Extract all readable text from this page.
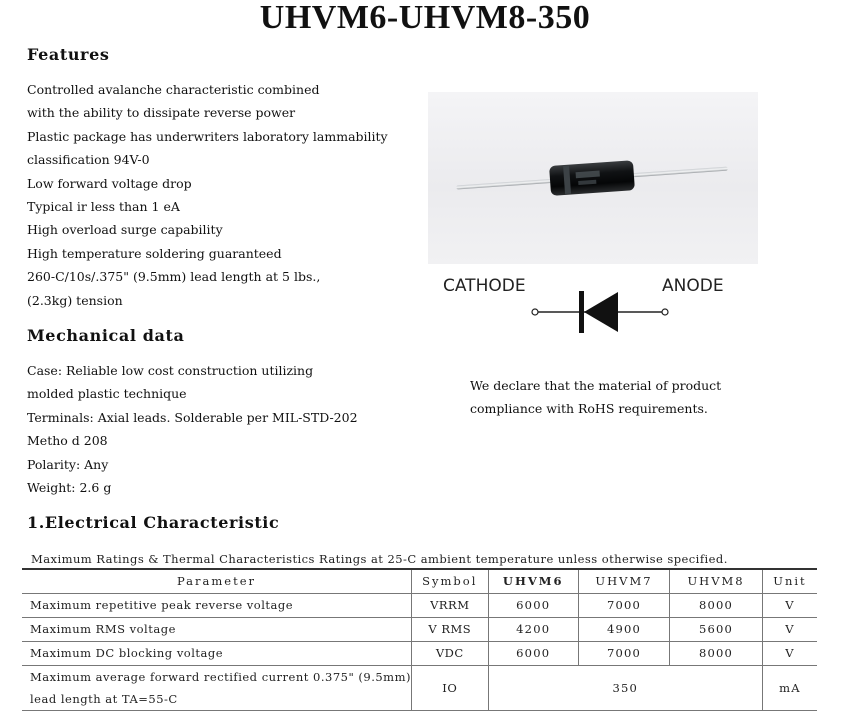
UHVM6-UHVM8-350
Features
Controlled avalanche characteristic combined
with the ability to dissipate reverse power
Plastic package has underwriters laboratory lammability
classification 94V-0
Low forward voltage drop
Typical ir less than 1 eA
High overload surge capability
High temperature soldering guaranteed
260-C/10s/.375" (9.5mm) lead length at 5 lbs.,
(2.3kg) tension
Mechanical data
Case: Reliable low cost construction utilizing
molded plastic technique
Terminals: Axial leads. Solderable per MIL-STD-202
Metho d 208
Polarity: Any
Weight: 2.6 g
CATHODE	ANODE
We declare that the material of product
compliance with RoHS requirements.
1.Electrical Characteristic
Maximum Ratings & Thermal Characteristics Ratings at 25-C ambient temperature unless otherwise specified.
Parameter	Symbol	UHVM6	UHVM7	UHVM8	Unit
Maximum repetitive peak reverse voltage	VRRM	6000	7000	8000	V
Maximum RMS voltage	V RMS	4200	4900	5600	V
Maximum DC blocking voltage	VDC	6000	7000	8000	V
Maximum average forward rectified current 0.375" (9.5mm)
lead length at TA=55-C	IO	350			mA
